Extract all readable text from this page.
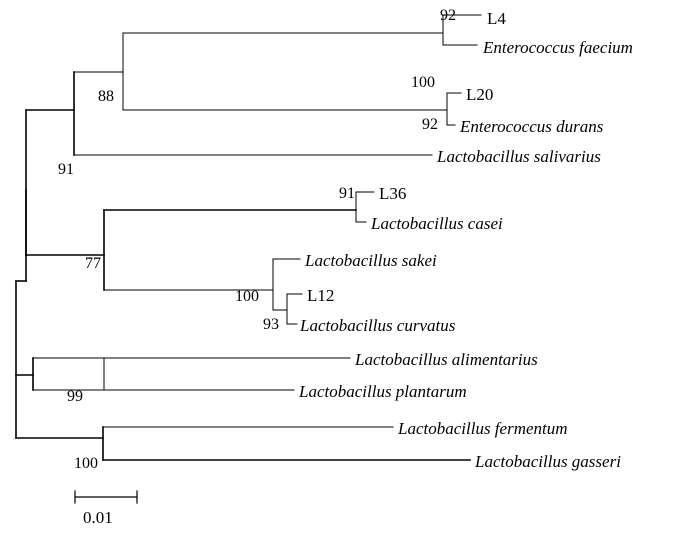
L4
Enterococcus faecium
L20
Enterococcus durans
Lactobacillus salivarius
L36
Lactobacillus casei
Lactobacillus sakei
L12
Lactobacillus curvatus
Lactobacillus alimentarius
Lactobacillus plantarum
Lactobacillus fermentum
Lactobacillus gasseri
92
100
92
88
91
91
77
100
93
99
100
0.01
